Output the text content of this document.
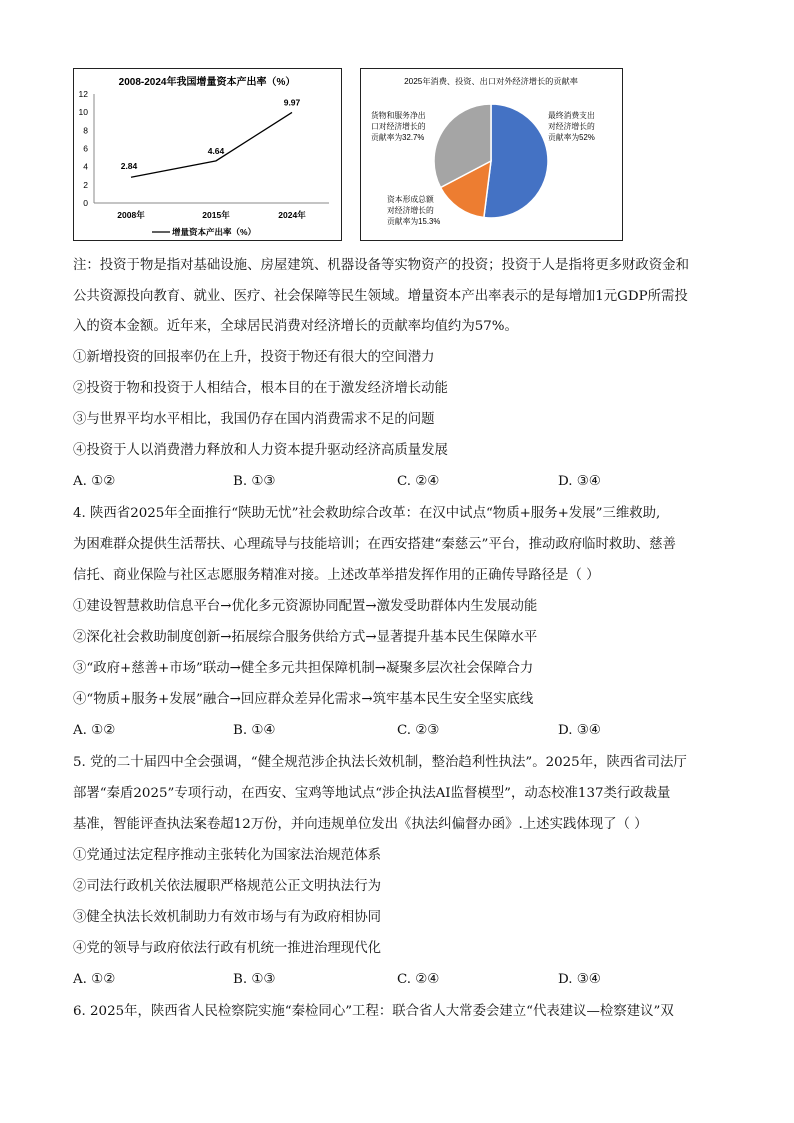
2008-2024年我国增量资本产出率（%）
0
2
4
6
8
10
12
2008年	2015年	2024年
2.84
4.64
9.97
增量资本产出率（%）
2025年消费、投资、出口对外经济增长的贡献率
最终消费支出
对经济增长的
贡献率为52%
资本形成总额
对经济增长的
贡献率为15.3%
货物和服务净出
口对经济增长的
贡献率为32.7%
注：投资于物是指对基础设施、房屋建筑、机器设备等实物资产的投资；投资于人是指将更多财政资金和
公共资源投向教育、就业、医疗、社会保障等民生领域。增量资本产出率表示的是每增加1元GDP所需投
入的资本金额。近年来，全球居民消费对经济增长的贡献率均值约为57%。
①新增投资的回报率仍在上升，投资于物还有很大的空间潜力
②投资于物和投资于人相结合，根本目的在于激发经济增长动能
③与世界平均水平相比，我国仍存在国内消费需求不足的问题
④投资于人以消费潜力释放和人力资本提升驱动经济高质量发展
A. ①②	B. ①③	C. ②④	D. ③④
4. 陕西省2025年全面推行“陕助无忧”社会救助综合改革：在汉中试点“物质+服务+发展”三维救助,
为困难群众提供生活帮扶、心理疏导与技能培训；在西安搭建“秦慈云”平台，推动政府临时救助、慈善
信托、商业保险与社区志愿服务精准对接。上述改革举措发挥作用的正确传导路径是（ ）
①建设智慧救助信息平台→优化多元资源协同配置→激发受助群体内生发展动能
②深化社会救助制度创新→拓展综合服务供给方式→显著提升基本民生保障水平
③“政府+慈善+市场”联动→健全多元共担保障机制→凝聚多层次社会保障合力
④“物质+服务+发展”融合→回应群众差异化需求→筑牢基本民生安全坚实底线
A. ①②	B. ①④	C. ②③	D. ③④
5. 党的二十届四中全会强调，“健全规范涉企执法长效机制，整治趋利性执法”。2025年，陕西省司法厅
部署“秦盾2025”专项行动，在西安、宝鸡等地试点“涉企执法AI监督模型”，动态校准137类行政裁量
基准，智能评查执法案卷超12万份，并向违规单位发出《执法纠偏督办函》.上述实践体现了（ ）
①党通过法定程序推动主张转化为国家法治规范体系
②司法行政机关依法履职严格规范公正文明执法行为
③健全执法长效机制助力有效市场与有为政府相协同
④党的领导与政府依法行政有机统一推进治理现代化
A. ①②	B. ①③	C. ②④	D. ③④
6. 2025年，陕西省人民检察院实施“秦检同心”工程：联合省人大常委会建立“代表建议—检察建议”双
